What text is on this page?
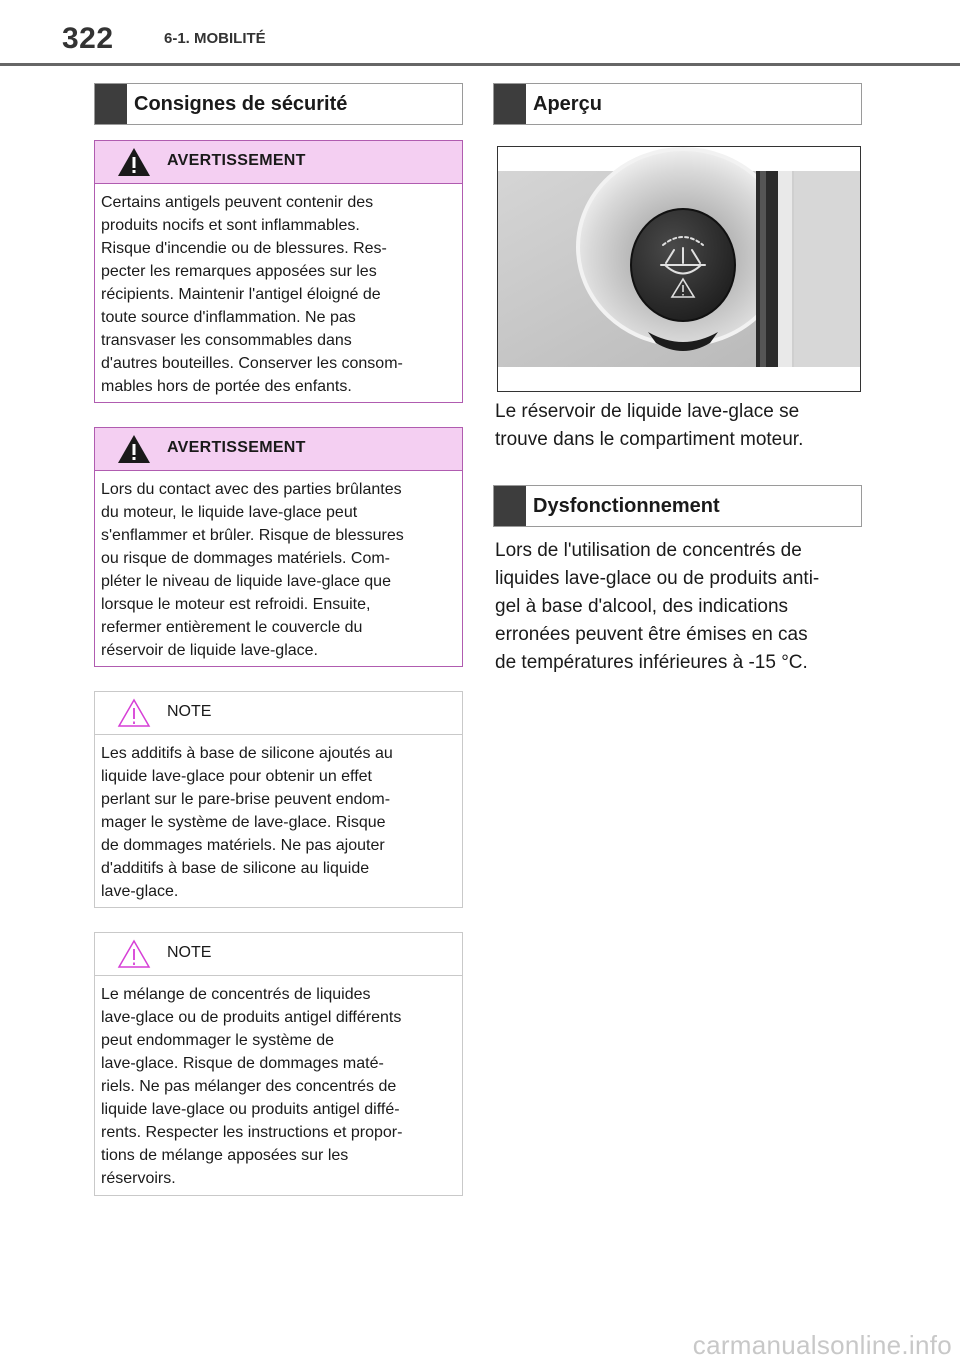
322	6-1. MOBILITÉ
Consignes de sécurité
AVERTISSEMENT

Certains antigels peuvent contenir des

produits nocifs et sont inflammables.

Risque d'incendie ou de blessures. Res-

pecter les remarques apposées sur les

récipients. Maintenir l'antigel éloigné de

toute source d'inflammation. Ne pas

transvaser les consommables dans

d'autres bouteilles. Conserver les consom-

mables hors de portée des enfants.

AVERTISSEMENT

Lors du contact avec des parties brûlantes

du moteur, le liquide lave-glace peut

s'enflammer et brûler. Risque de blessures

ou risque de dommages matériels. Com-

pléter le niveau de liquide lave-glace que

lorsque le moteur est refroidi. Ensuite,

refermer entièrement le couvercle du

réservoir de liquide lave-glace.

NOTE

Les additifs à base de silicone ajoutés au

liquide lave-glace pour obtenir un effet

perlant sur le pare-brise peuvent endom-

mager le système de lave-glace. Risque

de dommages matériels. Ne pas ajouter

d'additifs à base de silicone au liquide

lave-glace.

NOTE

Le mélange de concentrés de liquides

lave-glace ou de produits antigel différents

peut endommager le système de

lave-glace. Risque de dommages maté-

riels. Ne pas mélanger des concentrés de

liquide lave-glace ou produits antigel diffé-

rents. Respecter les instructions et propor-

tions de mélange apposées sur les

réservoirs.

Aperçu

Le réservoir de liquide lave-glace se

trouve dans le compartiment moteur.

Dysfonctionnement

Lors de l'utilisation de concentrés de

liquides lave-glace ou de produits anti-

gel à base d'alcool, des indications

erronées peuvent être émises en cas

de températures inférieures à -15 °C.

carmanualsonline.info
